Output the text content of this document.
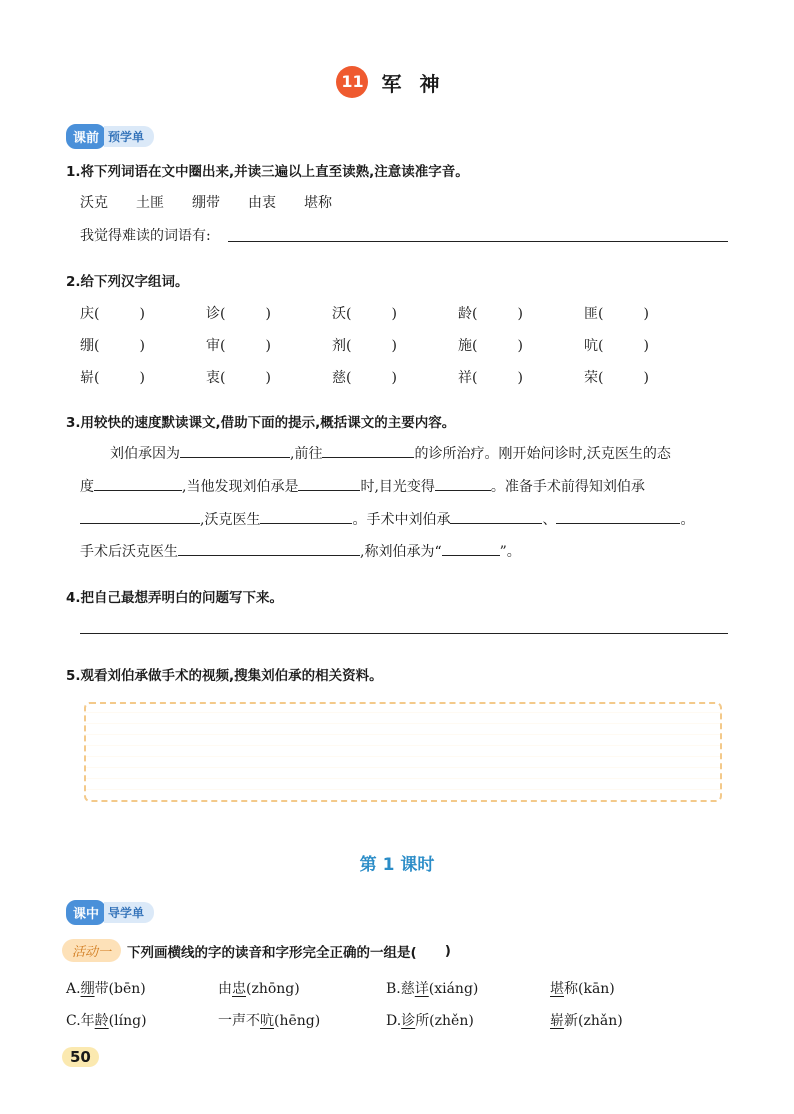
11 军神
课前 预学单
1.将下列词语在文中圈出来,并读三遍以上直至读熟,注意读准字音。
沃克 土匪 绷带 由衷 堪称
我觉得难读的词语有:
2.给下列汉字组词。
庆(	)	诊(	)	沃(	)	龄(	)	匪(	)
绷(	)	审(	)	剂(	)	施(	)	吭(	)
崭(	)	衷(	)	慈(	)	祥(	)	荣(	)
3.用较快的速度默读课文,借助下面的提示,概括课文的主要内容。
刘伯承因为	,前往	的诊所治疗。刚开始问诊时,沃克医生的态
度	,当他发现刘伯承是	时,目光变得	。准备手术前得知刘伯承
,沃克医生	。手术中刘伯承	、	。
手术后沃克医生	,称刘伯承为“	”。
4.把自己最想弄明白的问题写下来。
5.观看刘伯承做手术的视频,搜集刘伯承的相关资料。
第 1 课时
课中 导学单
活动一	下列画横线的字的读音和字形完全正确的一组是( )
A.绷带(bēn)	由忠(zhōng)	B.慈详(xiáng)	堪称(kān)
C.年龄(líng)	一声不吭(hēng)	D.诊所(zhěn)	崭新(zhǎn)
50
